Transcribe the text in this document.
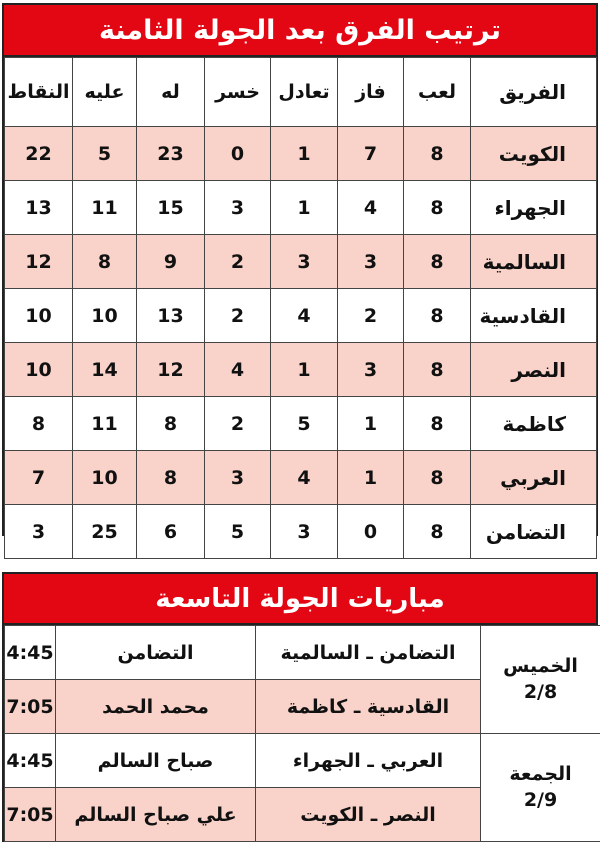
ترتيب الفرق بعد الجولة الثامنة
الفريق	لعب	فاز	تعادل	خسر	له	عليه	النقاط
الكويت	8	7	1	0	23	5	22
الجهراء	8	4	1	3	15	11	13
السالمية	8	3	3	2	9	8	12
القادسية	8	2	4	2	13	10	10
النصر	8	3	1	4	12	14	10
كاظمة	8	1	5	2	8	11	8
العربي	8	1	4	3	8	10	7
التضامن	8	0	3	5	6	25	3
مباريات الجولة التاسعة
الخميس
2/8	التضامن ـ السالمية	التضامن	4:45
	القادسية ـ كاظمة	محمد الحمد	7:05

الجمعة
2/9	العربي ـ الجهراء	صباح السالم	4:45
	النصر ـ الكويت	علي صباح السالم	7:05
